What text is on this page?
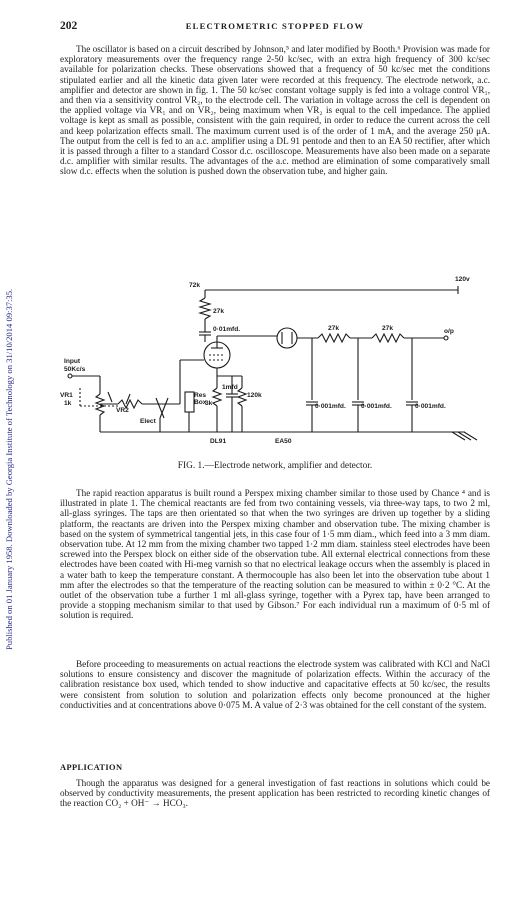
Published on 01 January 1958. Downloaded by Georgia Institute of Technology on 31/10/2014 09:37:35.
202	ELECTROMETRIC STOPPED FLOW

The oscillator is based on a circuit described by Johnson,⁵ and later modified by Booth.⁶ Provision was made for exploratory measurements over the frequency range 2-50 kc/sec, with an extra high frequency of 300 kc/sec available for polarization checks. These observations showed that a frequency of 50 kc/sec met the conditions stipulated earlier and all the kinetic data given later were recorded at this frequency. The electrode network, a.c. amplifier and detector are shown in fig. 1. The 50 kc/sec constant voltage supply is fed into a voltage control VR₁, and then via a sensitivity control VR₂, to the electrode cell. The variation in voltage across the cell is dependent on the applied voltage via VR₁ and on VR₂, being maximum when VR₂ is equal to the cell impedance. The applied voltage is kept as small as possible, consistent with the gain required, in order to reduce the current across the cell and keep polarization effects small. The maximum current used is of the order of 1 mA, and the average 250 μA. The output from the cell is fed to an a.c. amplifier using a DL 91 pentode and then to an EA 50 rectifier, after which it is passed through a filter to a standard Cossor d.c. oscilloscope. Measurements have also been made on a separate d.c. amplifier with similar results. The advantages of the a.c. method are elimination of some comparatively small slow d.c. effects when the solution is pushed down the observation tube, and higher gain.

72k
120v
27k
0·01mfd.	27k	27k	o/p
Input
50Kc/s
0·001mfd. 0·001mfd.	0·001mfd.
VR1
1k
VR2
Elect
Res Box
3k
1mfd
120k
DL91	EA50
FIG. 1.—Electrode network, amplifier and detector.

The rapid reaction apparatus is built round a Perspex mixing chamber similar to those used by Chance ⁴ and is illustrated in plate 1. The chemical reactants are fed from two containing vessels, via three-way taps, to two 2 ml, all-glass syringes. The taps are then orientated so that when the two syringes are driven up together by a sliding platform, the reactants are driven into the Perspex mixing chamber and observation tube. The mixing chamber is based on the system of symmetrical tangential jets, in this case four of 1·5 mm diam., which feed into a 3 mm diam. observation tube. At 12 mm from the mixing chamber two tapped 1·2 mm diam. stainless steel electrodes have been screwed into the Perspex block on either side of the observation tube. All external electrical connections from these electrodes have been coated with Hi-meg varnish so that no electrical leakage occurs when the assembly is placed in a water bath to keep the temperature constant. A thermocouple has also been let into the observation tube about 1 mm after the electrodes so that the temperature of the reacting solution can be measured to within ± 0·2 °C. At the outlet of the observation tube a further 1 ml all-glass syringe, together with a Pyrex tap, have been arranged to provide a stopping mechanism similar to that used by Gibson.⁷ For each individual run a maximum of 0·5 ml of solution is required.

Before proceeding to measurements on actual reactions the electrode system was calibrated with KCl and NaCl solutions to ensure consistency and discover the magnitude of polarization effects. Within the accuracy of the calibration resistance box used, which tended to show inductive and capacitative effects at 50 kc/sec, the results were consistent from solution to solution and polarization effects only become pronounced at the higher conductivities and at concentrations above 0·075 M. A value of 2·3 was obtained for the cell constant of the system.

APPLICATION

Though the apparatus was designed for a general investigation of fast reactions in solutions which could be observed by conductivity measurements, the present application has been restricted to recording kinetic changes of the reaction CO₂ + OH⁻ → HCO₃.
